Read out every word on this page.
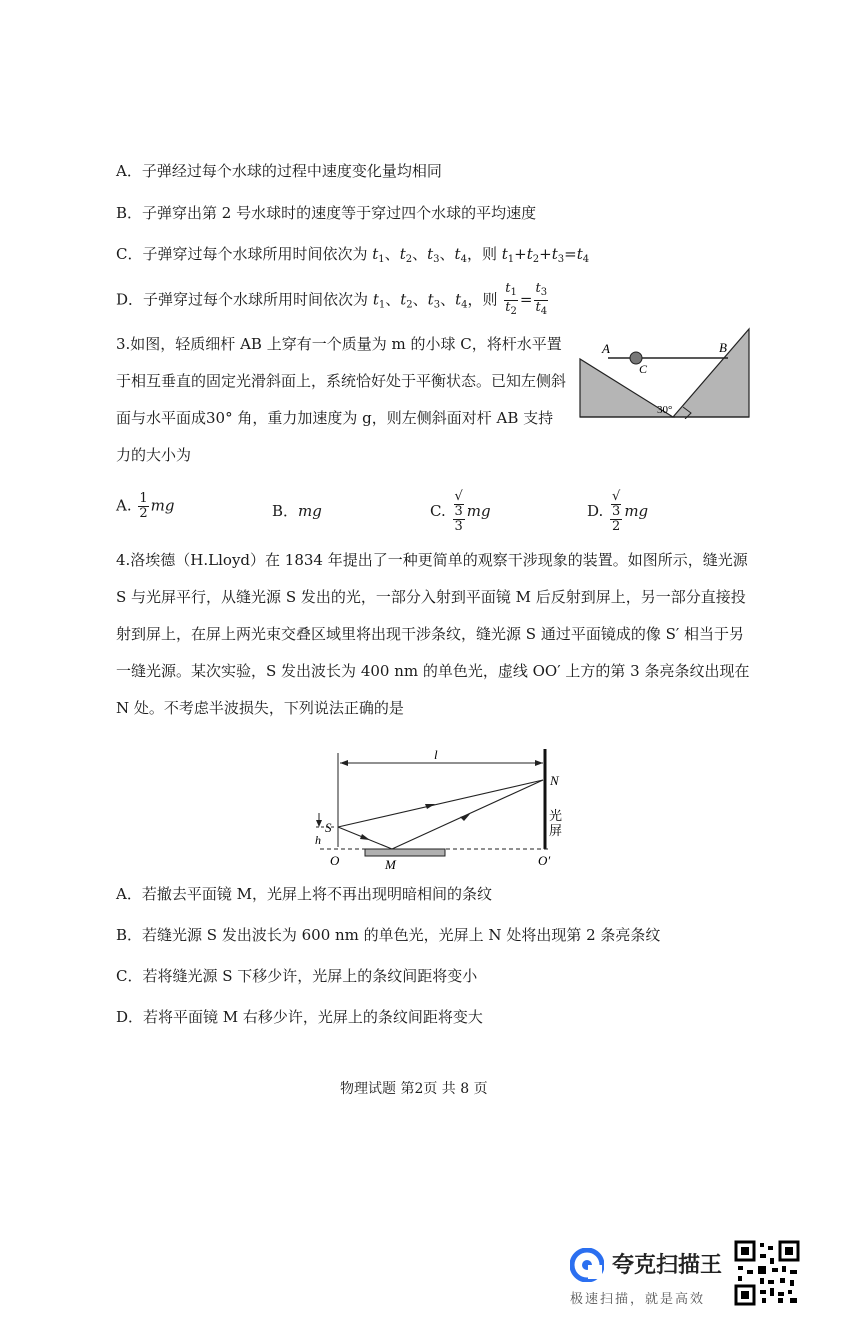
A．子弹经过每个水球的过程中速度变化量均相同
B．子弹穿出第 2 号水球时的速度等于穿过四个水球的平均速度
C．子弹穿过每个水球所用时间依次为 $t_1$、$t_2$、$t_3$、$t_4$，则 $t_1+t_2+t_3=t_4$
D．子弹穿过每个水球所用时间依次为 $t_1$、$t_2$、$t_3$、$t_4$，则 $\frac{t_1}{t_2} = \frac{t_3}{t_4}$
3.如图，轻质细杆 AB 上穿有一个质量为 m 的小球 C，将杆水平置于相互垂直的固定光滑斜面上，系统恰好处于平衡状态。已知左侧斜面与水平面成30° 角，重力加速度为 g，则左侧斜面对杆 AB 支持力的大小为
A	B
C
30°
A. $\frac{1}{2}$ mg	B．mg	C. √
3
3 mg	D. √
3
2 mg
4.洛埃德（H.Lloyd）在 1834 年提出了一种更简单的观察干涉现象的装置。如图所示，缝光源 S 与光屏平行，从缝光源 S 发出的光，一部分入射到平面镜 M 后反射到屏上，另一部分直接投射到屏上，在屏上两光束交叠区域里将出现干涉条纹，缝光源 S 通过平面镜成的像 S′ 相当于另一缝光源。某次实验，S 发出波长为 400 nm 的单色光，虚线 OO′ 上方的第 3 条亮条纹出现在 N 处。不考虑半波损失，下列说法正确的是
l
N
S
h
O	M	O′
光
屏
A．若撤去平面镜 M，光屏上将不再出现明暗相间的条纹
B．若缝光源 S 发出波长为 600 nm 的单色光，光屏上 N 处将出现第 2 条亮条纹
C．若将缝光源 S 下移少许，光屏上的条纹间距将变小
D．若将平面镜 M 右移少许，光屏上的条纹间距将变大
物理试题 第2页 共 8 页
夸克扫描王
极速扫描，就是高效
